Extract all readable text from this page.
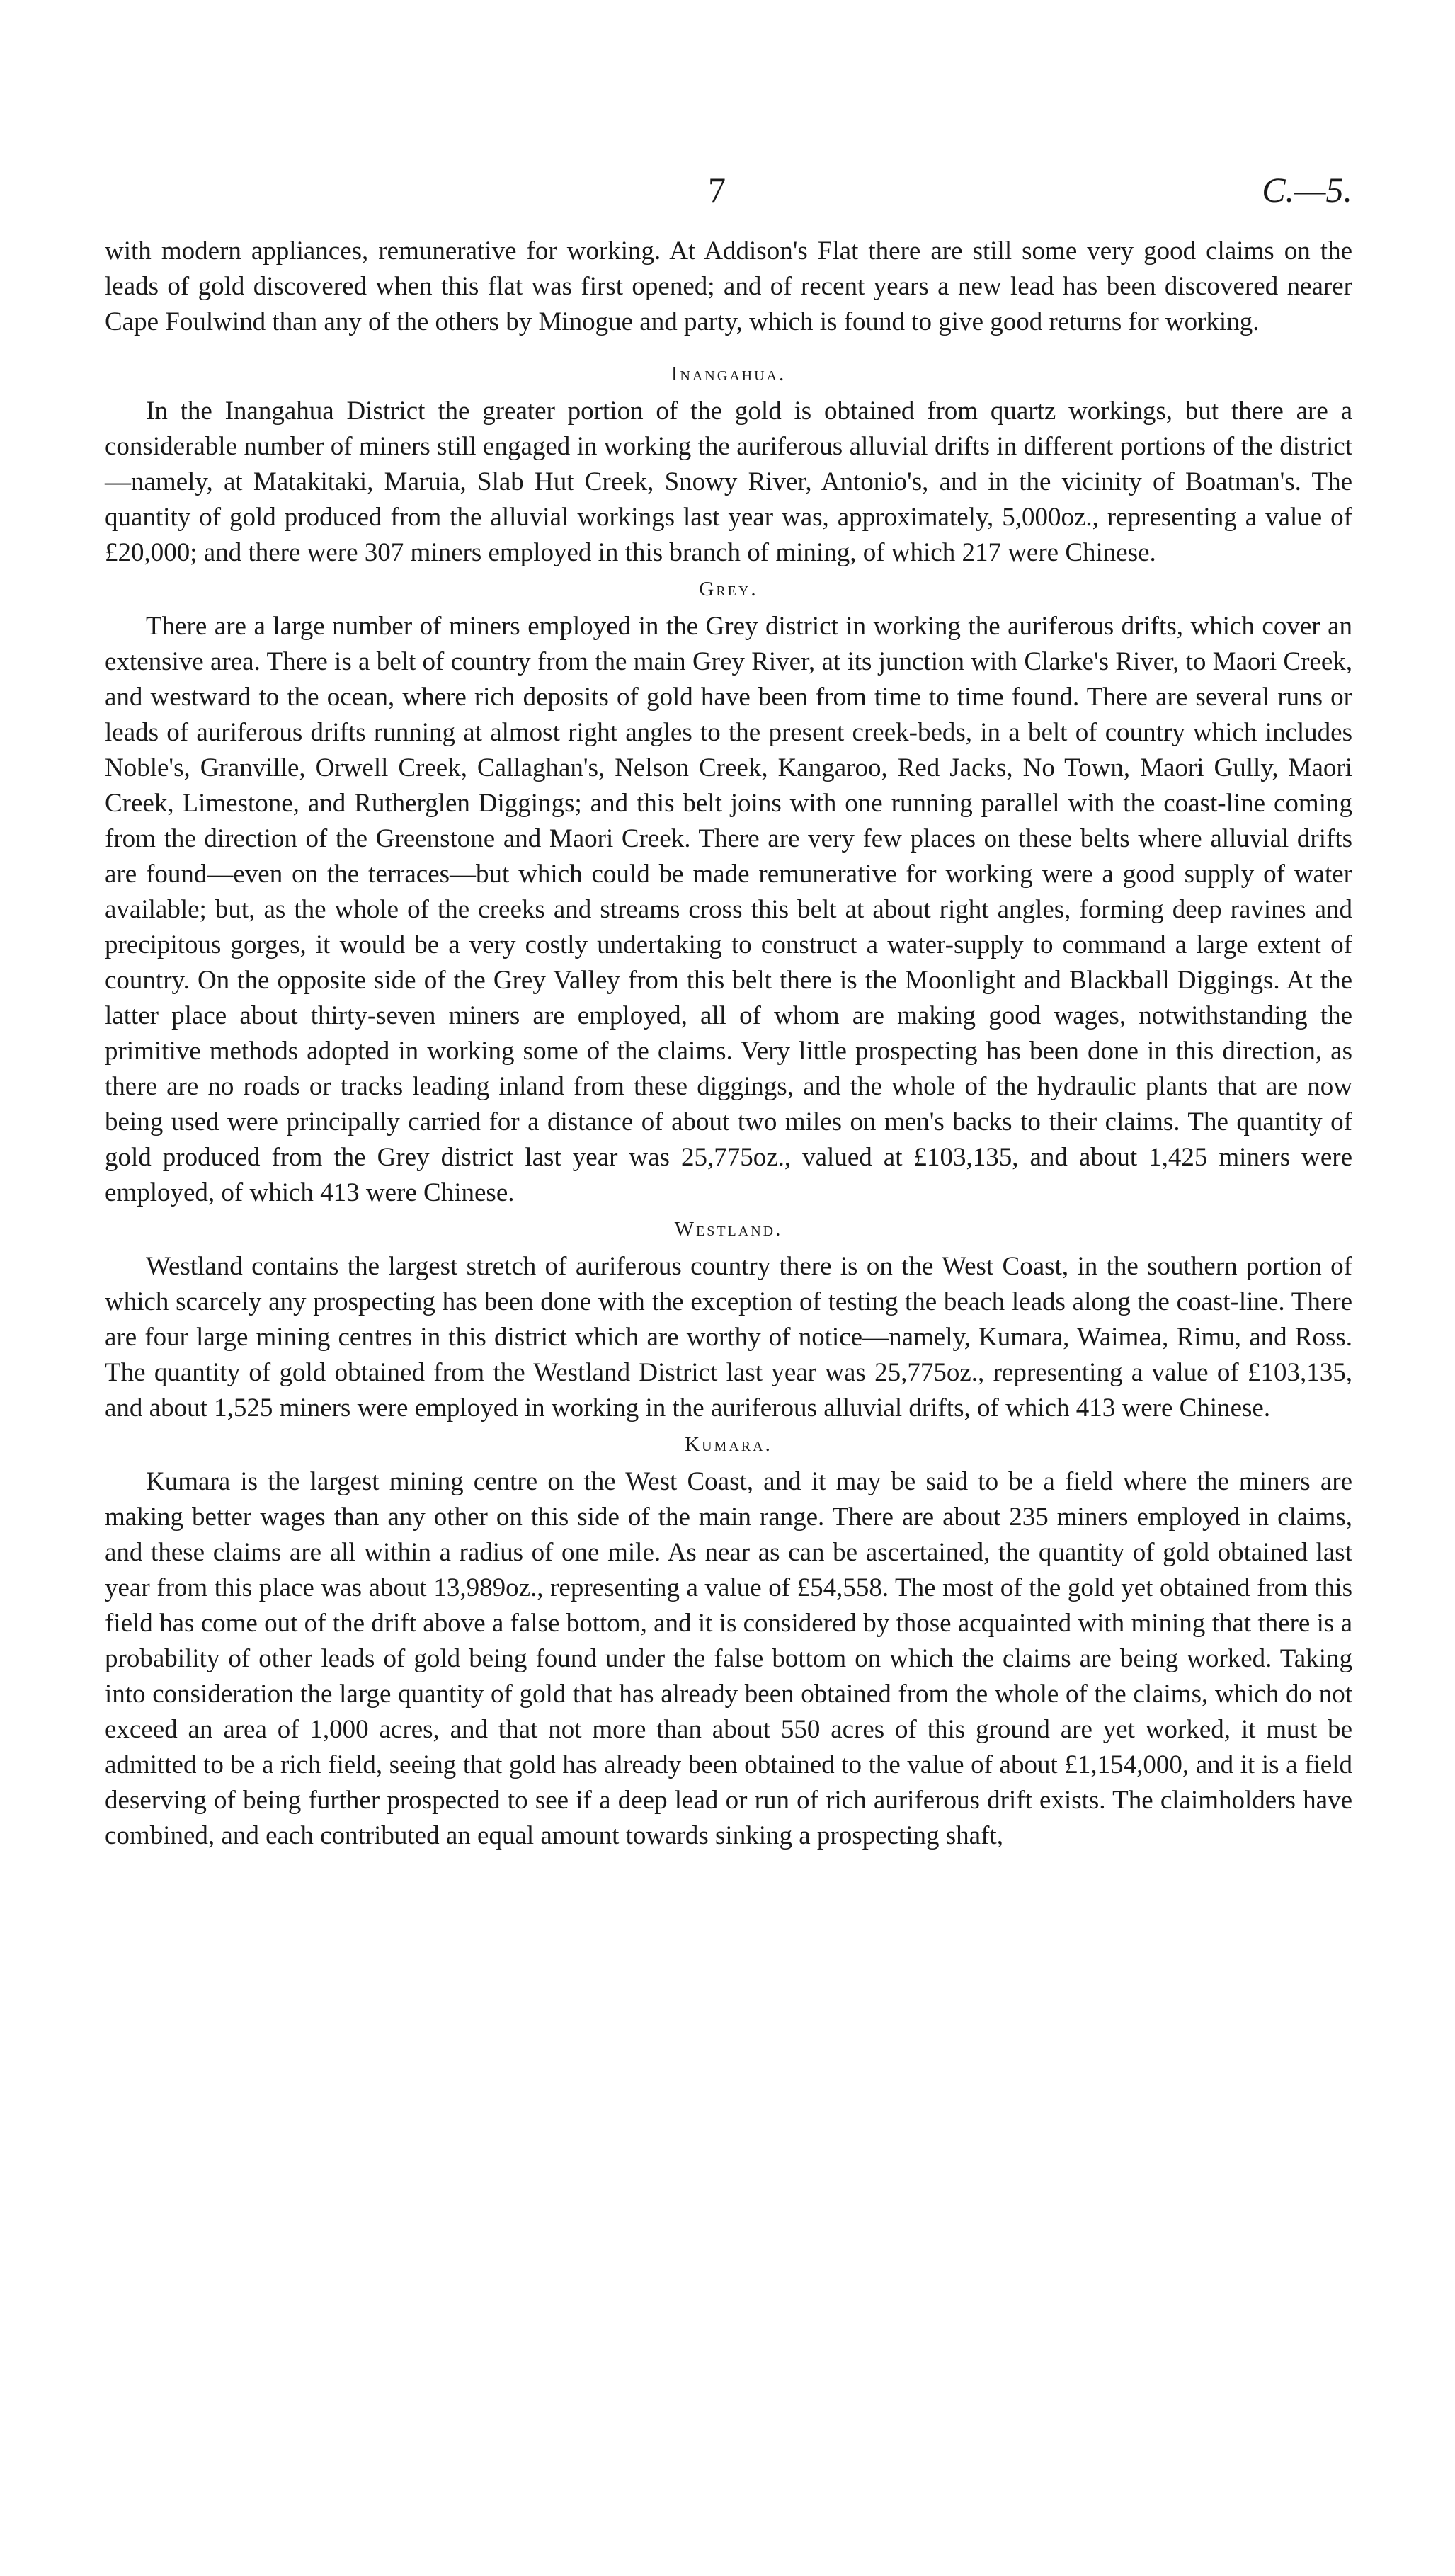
7	C.—5.

with modern appliances, remunerative for working. At Addison's Flat there are still some very good claims on the leads of gold discovered when this flat was first opened; and of recent years a new lead has been discovered nearer Cape Foulwind than any of the others by Minogue and party, which is found to give good returns for working.

Inangahua.

In the Inangahua District the greater portion of the gold is obtained from quartz workings, but there are a considerable number of miners still engaged in working the auriferous alluvial drifts in different portions of the district—namely, at Matakitaki, Maruia, Slab Hut Creek, Snowy River, Antonio's, and in the vicinity of Boatman's. The quantity of gold produced from the alluvial workings last year was, approximately, 5,000oz., representing a value of £20,000; and there were 307 miners employed in this branch of mining, of which 217 were Chinese.

Grey.

There are a large number of miners employed in the Grey district in working the auriferous drifts, which cover an extensive area. There is a belt of country from the main Grey River, at its junction with Clarke's River, to Maori Creek, and westward to the ocean, where rich deposits of gold have been from time to time found. There are several runs or leads of auriferous drifts running at almost right angles to the present creek-beds, in a belt of country which includes Noble's, Granville, Orwell Creek, Callaghan's, Nelson Creek, Kangaroo, Red Jacks, No Town, Maori Gully, Maori Creek, Limestone, and Rutherglen Diggings; and this belt joins with one running parallel with the coast-line coming from the direction of the Greenstone and Maori Creek. There are very few places on these belts where alluvial drifts are found—even on the terraces—but which could be made remunerative for working were a good supply of water available; but, as the whole of the creeks and streams cross this belt at about right angles, forming deep ravines and precipitous gorges, it would be a very costly undertaking to construct a water-supply to command a large extent of country. On the opposite side of the Grey Valley from this belt there is the Moonlight and Blackball Diggings. At the latter place about thirty-seven miners are employed, all of whom are making good wages, notwithstanding the primitive methods adopted in working some of the claims. Very little prospecting has been done in this direction, as there are no roads or tracks leading inland from these diggings, and the whole of the hydraulic plants that are now being used were principally carried for a distance of about two miles on men's backs to their claims. The quantity of gold produced from the Grey district last year was 25,775oz., valued at £103,135, and about 1,425 miners were employed, of which 413 were Chinese.

Westland.

Westland contains the largest stretch of auriferous country there is on the West Coast, in the southern portion of which scarcely any prospecting has been done with the exception of testing the beach leads along the coast-line. There are four large mining centres in this district which are worthy of notice—namely, Kumara, Waimea, Rimu, and Ross. The quantity of gold obtained from the Westland District last year was 25,775oz., representing a value of £103,135, and about 1,525 miners were employed in working in the auriferous alluvial drifts, of which 413 were Chinese.

Kumara.

Kumara is the largest mining centre on the West Coast, and it may be said to be a field where the miners are making better wages than any other on this side of the main range. There are about 235 miners employed in claims, and these claims are all within a radius of one mile. As near as can be ascertained, the quantity of gold obtained last year from this place was about 13,989oz., representing a value of £54,558. The most of the gold yet obtained from this field has come out of the drift above a false bottom, and it is considered by those acquainted with mining that there is a probability of other leads of gold being found under the false bottom on which the claims are being worked. Taking into consideration the large quantity of gold that has already been obtained from the whole of the claims, which do not exceed an area of 1,000 acres, and that not more than about 550 acres of this ground are yet worked, it must be admitted to be a rich field, seeing that gold has already been obtained to the value of about £1,154,000, and it is a field deserving of being further prospected to see if a deep lead or run of rich auriferous drift exists. The claimholders have combined, and each contributed an equal amount towards sinking a prospecting shaft,
